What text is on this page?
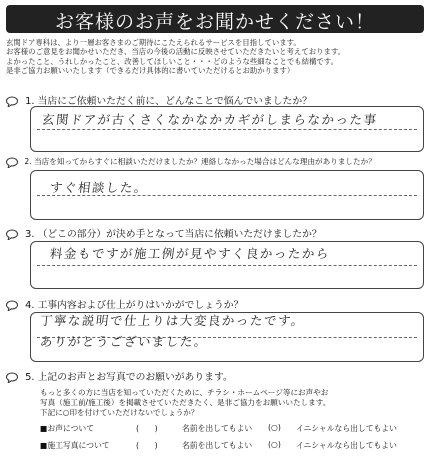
お客様のお声をお聞かせください！
玄関ドア専科は、より一層お客さまのご期待にこたえられるサービスを目指しています。
お客様のご意見をお聞かせいただき、当店の今後の活動に反映させていただきたいと考えております。
よかったこと、うれしかったこと、改善してほしいこと・・・どのような些細なことでも結構です。
是非ご協力お願いいたします（できるだけ具体的に書いていただけるとお助かります）
1. 当店にご依頼いただく前に、どんなことで悩んでいましたか？
玄関ドアが古くさくなかなかカギがしまらなかった事
2. 当店を知ってからすぐに相談いただけましたか？連絡しなかった場合はどんな理由がありましたか？
すぐ相談した。
3. （どこの部分）が決め手となって当店に依頼いただけましたか？
料金もですが施工例が見やすく良かったから
4. 工事内容および仕上がりはいかがでしょうか？
丁寧な説明で仕上りは大変良かったです。
ありがとうございました。
5. 上記のお声とお写真でのお願いがあります。
もっと多くの方に当店を知っていただくために、チラシ・ホームページ等にお声やお
写真（施工前/施工後）を掲載させていただきたく、是非ご協力をお願いいたします。
下記に○印を付けていただけないでしょうか？
■お声について	(　　)	名前を出してもよい (○) イニシャルなら出してもよい
■施工写真について	(　　)	名前を出してもよい (○) イニシャルなら出してもよい
